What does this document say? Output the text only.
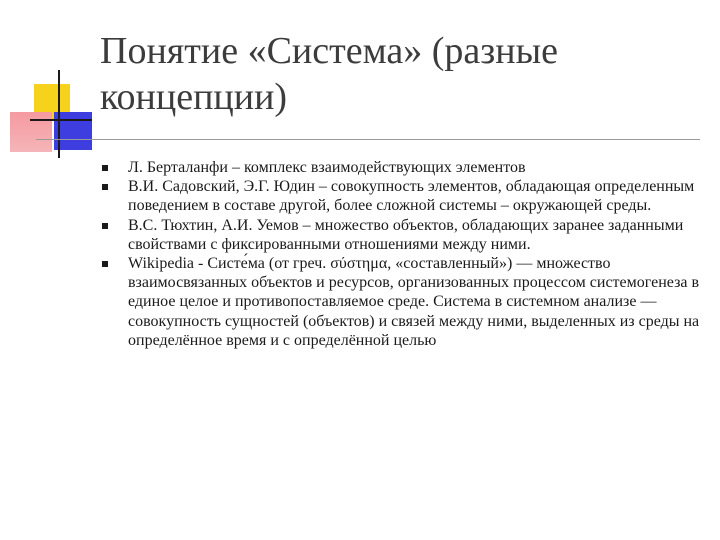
Понятие «Система» (разные концепции)
Л. Берталанфи – комплекс взаимодействующих элементов
В.И. Садовский, Э.Г. Юдин – совокупность элементов, обладающая определенным поведением в составе другой, более сложной системы – окружающей среды.
В.С. Тюхтин, А.И. Уемов – множество объектов, обладающих заранее заданными свойствами с фиксированными отношениями между ними.
Wikipedia - Систе́ма (от греч. σύστημα, «составленный») — множество взаимосвязанных объектов и ресурсов, организованных процессом системогенеза в единое целое и противопоставляемое среде. Система в системном анализе — совокупность сущностей (объектов) и связей между ними, выделенных из среды на определённое время и с определённой целью
